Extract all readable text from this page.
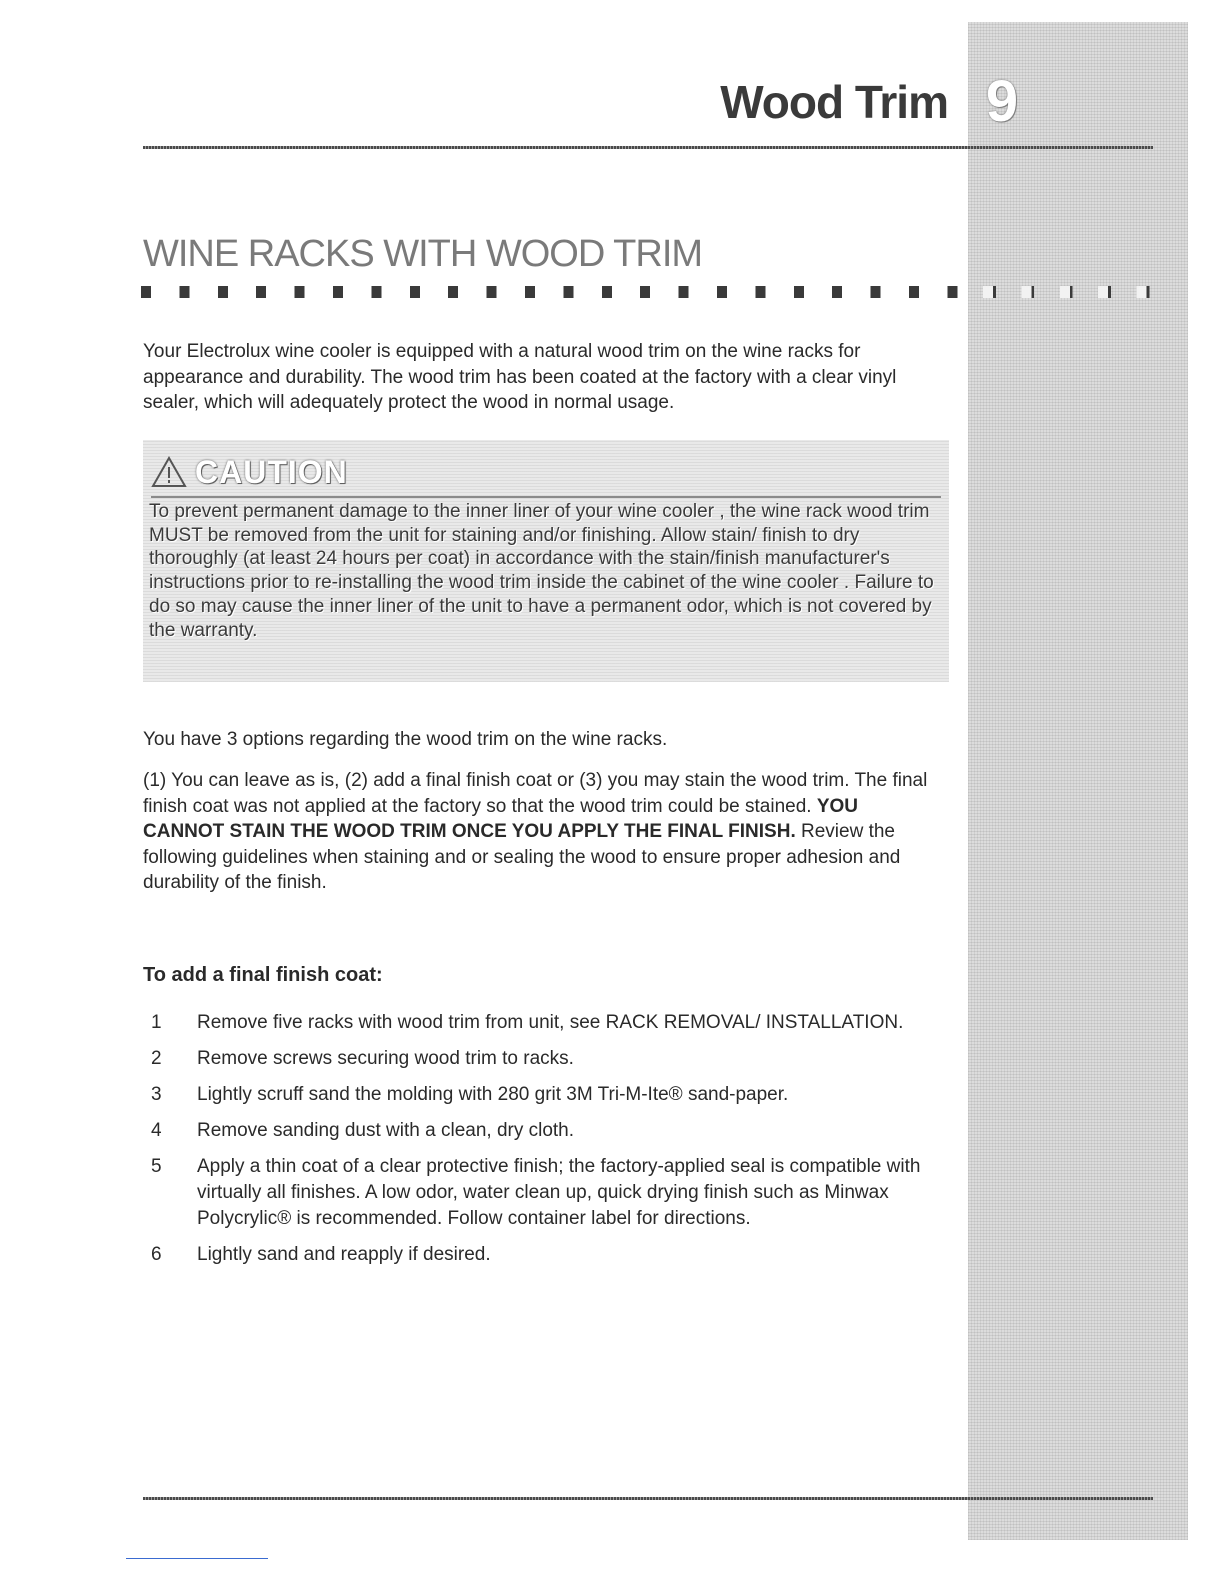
Wood Trim 9
WINE RACKS WITH WOOD TRIM

Your Electrolux wine cooler is equipped with a natural wood trim on the wine racks for appearance and durability. The wood trim has been coated at the factory with a clear vinyl sealer, which will adequately protect the wood in normal usage.

CAUTION

To prevent permanent damage to the inner liner of your wine cooler , the wine rack wood trim MUST be removed from the unit for staining and/or finishing. Allow stain/ finish to dry thoroughly (at least 24 hours per coat) in accordance with the stain/finish manufacturer's instructions prior to re-installing the wood trim inside the cabinet of the wine cooler . Failure to do so may cause the inner liner of the unit to have a permanent odor, which is not covered by the warranty.

You have 3 options regarding the wood trim on the wine racks.

(1) You can leave as is, (2) add a final finish coat or (3) you may stain the wood trim. The final finish coat was not applied at the factory so that the wood trim could be stained. YOU CANNOT STAIN THE WOOD TRIM ONCE YOU APPLY THE FINAL FINISH. Review the following guidelines when staining and or sealing the wood to ensure proper adhesion and durability of the finish.

To add a final finish coat:
1	Remove five racks with wood trim from unit, see RACK REMOVAL/ INSTALLATION.
2	Remove screws securing wood trim to racks.
3	Lightly scruff sand the molding with 280 grit 3M Tri-M-Ite® sand-paper.
4	Remove sanding dust with a clean, dry cloth.
5	Apply a thin coat of a clear protective finish; the factory-applied seal is compatible with virtually all finishes. A low odor, water clean up, quick drying finish such as Minwax Polycrylic® is recommended. Follow container label for directions.
6	Lightly sand and reapply if desired.
